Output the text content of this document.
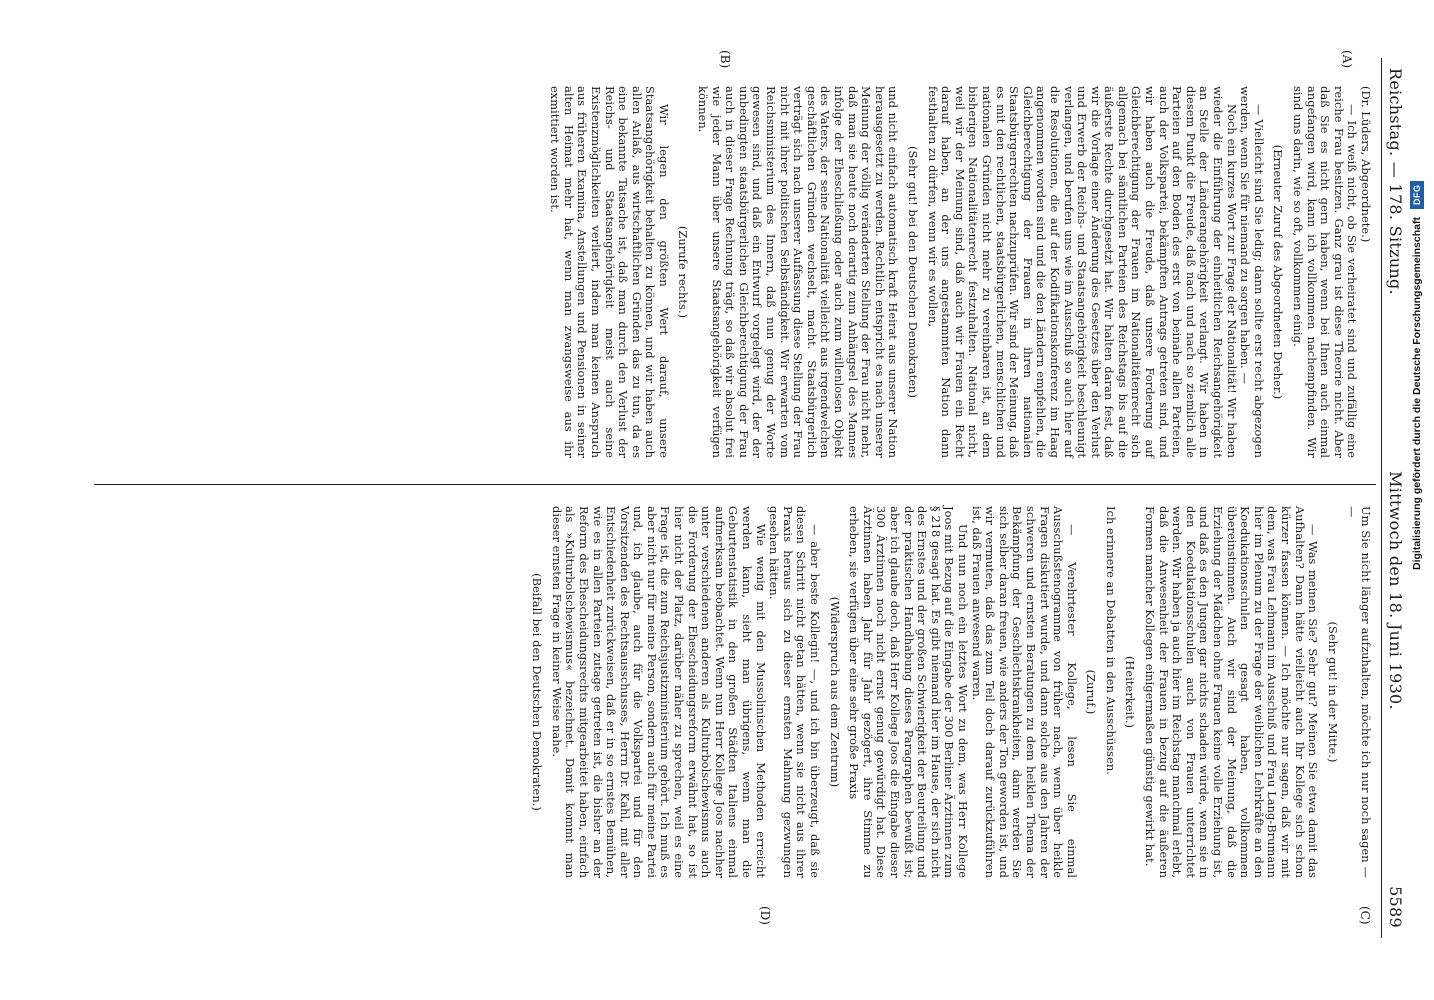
Reichstag. — 178. Sitzung.
Mittwoch den 18. Juni 1930.
5589
(A)
(B)
(C)
(D)

(Dr. Lüders, Abgeordnete.)

— Ich weiß nicht, ob Sie verheiratet sind und zufällig eine reiche Frau besitzen. Ganz grau ist diese Theorie nicht. Aber daß Sie es nicht gern haben, wenn bei Ihnen auch einmal angefangen wird, kann ich vollkommen nachempfinden. Wir sind uns darin, wie so oft, vollkommen einig.

(Erneuter Zuruf des Abgeordneten Dreher.)

— Vielleicht sind Sie ledig; dann sollte erst recht abgezogen werden, wenn Sie für niemand zu sorgen haben. —

Noch ein kurzes Wort zur Frage der Nationalität! Wir haben wieder die Einführung der einheitlichen Reichsangehörigkeit an Stelle der Länderangehörigkeit verlangt. Wir haben in diesem Punkt die Freude, daß nach und nach so ziemlich alle Parteien auf den Boden des erst von beinahe allen Parteien, auch der Volkspartei, bekämpften Antrags getreten sind, und wir haben auch die Freude, daß unsere Forderung auf Gleichberechtigung der Frauen im Nationalitätenrecht sich allgemach bei sämtlichen Parteien des Reichstags bis auf die äußerste Rechte durchgesetzt hat. Wir halten daran fest, daß wir die Vorlage einer Änderung des Gesetzes über den Verlust und Erwerb der Reichs- und Staatsangehörigkeit beschleunigt verlangen, und berufen uns wie im Ausschuß so auch hier auf die Resolutionen, die auf der Kodifikationskonferenz im Haag angenommen worden sind und die den Ländern empfehlen, die Gleichberechtigung der Frauen in ihren nationalen Staatsbürgerrechten nachzuprüfen. Wir sind der Meinung, daß es mit den rechtlichen, staatsbürgerlichen, menschlichen und nationalen Gründen nicht mehr zu vereinbaren ist, an dem bisherigen Nationalitätenrecht festzuhalten. National nicht, weil wir der Meinung sind, daß auch wir Frauen ein Recht darauf haben, an der uns angestammten Nation dann festhalten zu dürfen, wenn wir es wollen,

(Sehr gut! bei den Deutschen Demokraten)

und nicht einfach automatisch kraft Heirat aus unserer Nation herausgesetzt zu werden. Rechtlich entspricht es nach unserer Meinung der völlig veränderten Stellung der Frau nicht mehr, daß man sie heute noch derartig zum Anhängsel des Mannes infolge der Eheschließung oder auch zum willenlosen Objekt des Vaters, der seine Nationalität vielleicht aus irgendwelchen geschäftlichen Gründen wechselt, macht. Staatsbürgerlich verträgt sich nach unserer Auffassung diese Stellung der Frau nicht mit ihrer politischen Selbständigkeit. Wir erwarten vom Reichsministerium des Innern, daß nun genug der Worte gewesen sind, und daß ein Entwurf vorgelegt wird, der der unbedingten staatsbürgerlichen Gleichberechtigung der Frau auch in dieser Frage Rechnung trägt, so daß wir absolut frei wie jeder Mann über unsere Staatsangehörigkeit verfügen können.

(Zurufe rechts.)

Wir legen den größten Wert darauf, unsere Staatsangehörigkeit behalten zu können, und wir haben auch allen Anlaß, aus wirtschaftlichen Gründen das zu tun, da es eine bekannte Tatsache ist, daß man durch den Verlust der Reichs- und Staatsangehörigkeit meist auch seine Existenzmöglichkeiten verliert, indem man keinen Anspruch aus früheren Examina, Anstellungen und Pensionen in seiner alten Heimat mehr hat, wenn man zwangsweise aus ihr exmittiert worden ist.

Um Sie nicht länger aufzuhalten, möchte ich nur noch sagen — —

(Sehr gut! in der Mitte.)

— Was meinen Sie? Sehr gut? Meinen Sie etwa damit das Aufhalten? Dann hätte vielleicht auch Ihr Kollege sich schon kürzer fassen können. — Ich möchte nur sagen, daß wir mit dem, was Frau Lehmann im Ausschuß und Frau Lang-Brumann hier im Plenum zu der Frage der weiblichen Lehrkräfte an den Koedukationsschulen gesagt haben, vollkommen übereinstimmen. Auch wir sind der Meinung, daß die Erziehung der Mädchen ohne Frauen keine volle Erziehung ist, und daß es den Jungen gar nichts schaden würde, wenn sie in den Koedukationsschulen auch von Frauen unterrichtet werden. Wir haben ja auch hier im Reichstag manchmal erlebt, daß die Anwesenheit der Frauen in bezug auf die äußeren Formen mancher Kollegen einigermaßen günstig gewirkt hat.

(Heiterkeit.)

Ich erinnere an Debatten in den Ausschüssen.

(Zuruf.)

— Verehrtester Kollege, lesen Sie einmal Ausschußstenogramme von früher nach, wenn über heikle Fragen diskutiert wurde, und dann solche aus den Jahren der schweren und ernsten Beratungen zu dem heiklen Thema der Bekämpfung der Geschlechtskrankheiten, dann werden Sie sich selber daran freuen, wie anders der Ton geworden ist, und wir vermuten, daß das zum Teil doch darauf zurückzuführen ist, daß Frauen anwesend waren.

Und nun noch ein letztes Wort zu dem, was Herr Kollege Joos mit Bezug auf die Eingabe der 300 Berliner Ärztinnen zum § 218 gesagt hat. Es gibt niemand hier im Hause, der sich nicht des Ernstes und der großen Schwierigkeit der Beurteilung und der praktischen Handhabung dieses Paragraphen bewußt ist; aber ich glaube doch, daß Herr Kollege Joos die Eingabe dieser 300 Ärztinnen noch nicht ernst genug gewürdigt hat. Diese Ärztinnen haben Jahr für Jahr gezögert, ihre Stimme zu erheben, sie verfügen über eine sehr große Praxis

(Widerspruch aus dem Zentrum)

— aber beste Kollegin! —, und ich bin überzeugt, daß sie diesen Schritt nicht getan hätten, wenn sie nicht aus ihrer Praxis heraus sich zu dieser ernsten Mahnung gezwungen gesehen hätten.

Wie wenig mit den Mussolinischen Methoden erreicht werden kann, sieht man übrigens, wenn man die Geburtenstatistik in den großen Städten Italiens einmal aufmerksam beobachtet. Wenn nun Herr Kollege Joos nachher unter verschiedenen anderen als Kulturbolschewismus auch die Forderung der Ehescheidungsreform erwähnt hat, so ist hier nicht der Platz, darüber näher zu sprechen, weil es eine Frage ist, die zum Reichsjustizministerium gehört. Ich muß es aber nicht nur für meine Person, sondern auch für meine Partei und, ich glaube, auch für die Volkspartei und für den Vorsitzenden des Rechtsausschusses, Herrn Dr. Kahl, mit aller Entschiedenheit zurückweisen, daß er in so ernstes Bemühen, wie es in allen Parteien zutage getreten ist, die bisher an der Reform des Ehescheidungsrechts mitgearbeitet haben, einfach als »Kulturbolschewismus« bezeichnet. Damit kommt man dieser ernsten Frage in keiner Weise nahe.

(Beifall bei den Deutschen Demokraten.)

Digitalisierung gefördert durch die Deutsche Forschungsgemeinschaft
DFG
